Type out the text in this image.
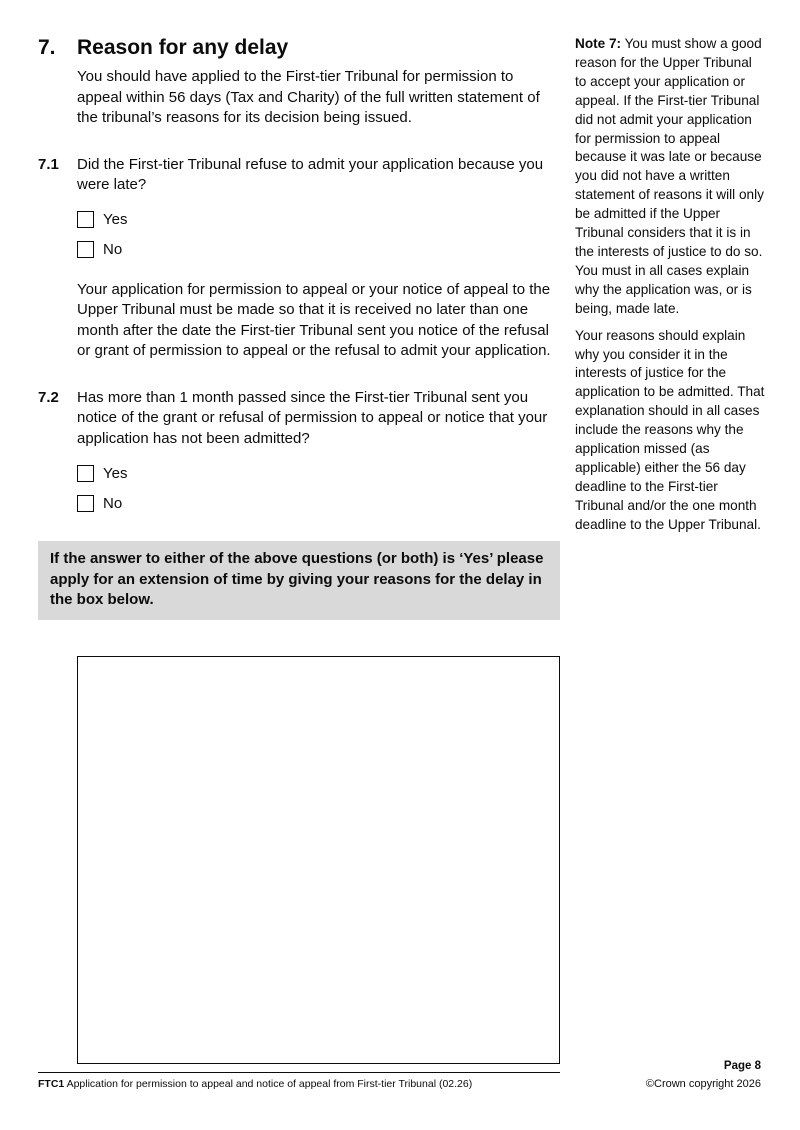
7.	Reason for any delay
You should have applied to the First-tier Tribunal for permission to appeal within 56 days (Tax and Charity) of the full written statement of the tribunal’s reasons for its decision being issued.
7.1	Did the First-tier Tribunal refuse to admit your application because you were late?
Yes
No
Your application for permission to appeal or your notice of appeal to the Upper Tribunal must be made so that it is received no later than one month after the date the First-tier Tribunal sent you notice of the refusal or grant of permission to appeal or the refusal to admit your application.
7.2	Has more than 1 month passed since the First-tier Tribunal sent you notice of the grant or refusal of permission to appeal or notice that your application has not been admitted?
Yes
No
If the answer to either of the above questions (or both) is ‘Yes’ please apply for an extension of time by giving your reasons for the delay in the box below.

Note 7: You must show a good reason for the Upper Tribunal to accept your application or appeal. If the First-tier Tribunal did not admit your application for permission to appeal because it was late or because you did not have a written statement of reasons it will only be admitted if the Upper Tribunal considers that it is in the interests of justice to do so. You must in all cases explain why the application was, or is being, made late.

Your reasons should explain why you consider it in the interests of justice for the application to be admitted. That explanation should in all cases include the reasons why the application missed (as applicable) either the 56 day deadline to the First-tier Tribunal and/or the one month deadline to the Upper Tribunal.

FTC1 Application for permission to appeal and notice of appeal from First-tier Tribunal (02.26)
Page 8
©Crown copyright 2026
